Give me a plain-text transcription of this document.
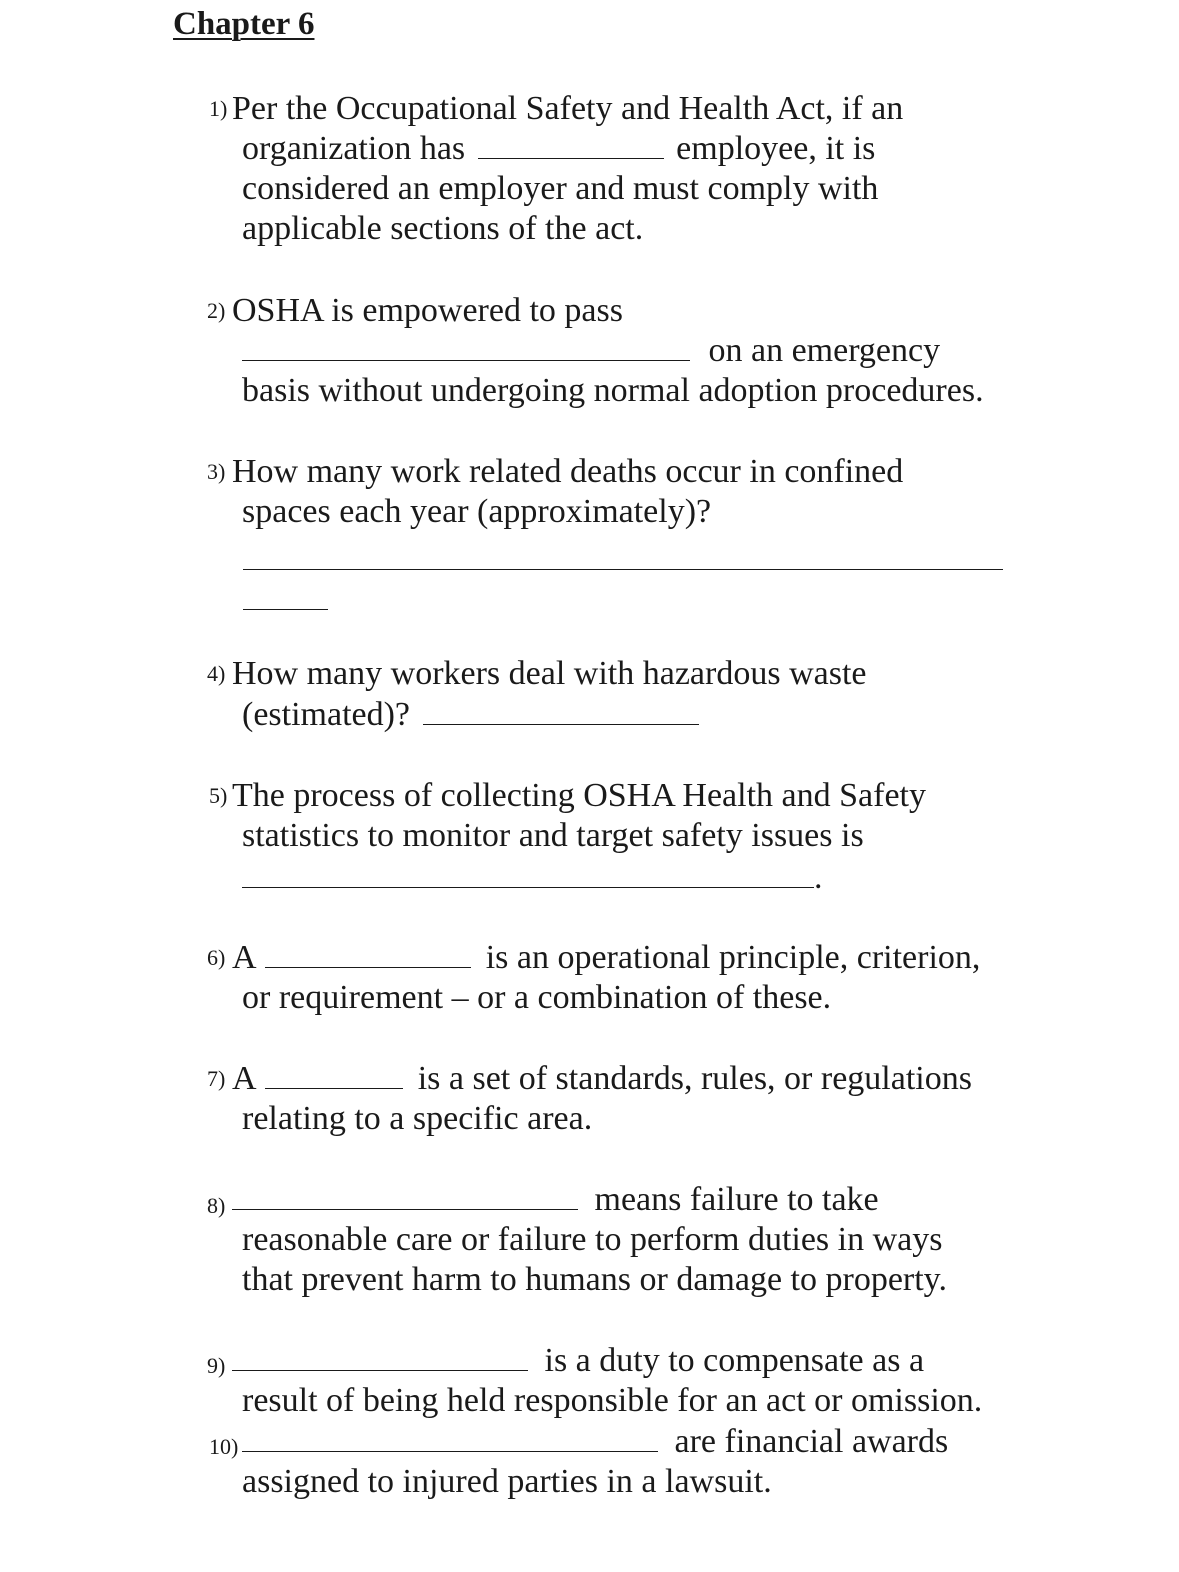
Chapter 6
1) Per the Occupational Safety and Health Act, if an
organization has	employee, it is
considered an employer and must comply with
applicable sections of the act.
2) OSHA is empowered to pass
on an emergency
basis without undergoing normal adoption procedures.
3) How many work related deaths occur in confined
spaces each year (approximately)?
4) How many workers deal with hazardous waste
(estimated)?
5) The process of collecting OSHA Health and Safety
statistics to monitor and target safety issues is
.
6) A	is an operational principle, criterion,
or requirement – or a combination of these.
7) A	is a set of standards, rules, or regulations
relating to a specific area.
8)	means failure to take
reasonable care or failure to perform duties in ways
that prevent harm to humans or damage to property.
9)	is a duty to compensate as a
result of being held responsible for an act or omission.
10)	are financial awards
assigned to injured parties in a lawsuit.
